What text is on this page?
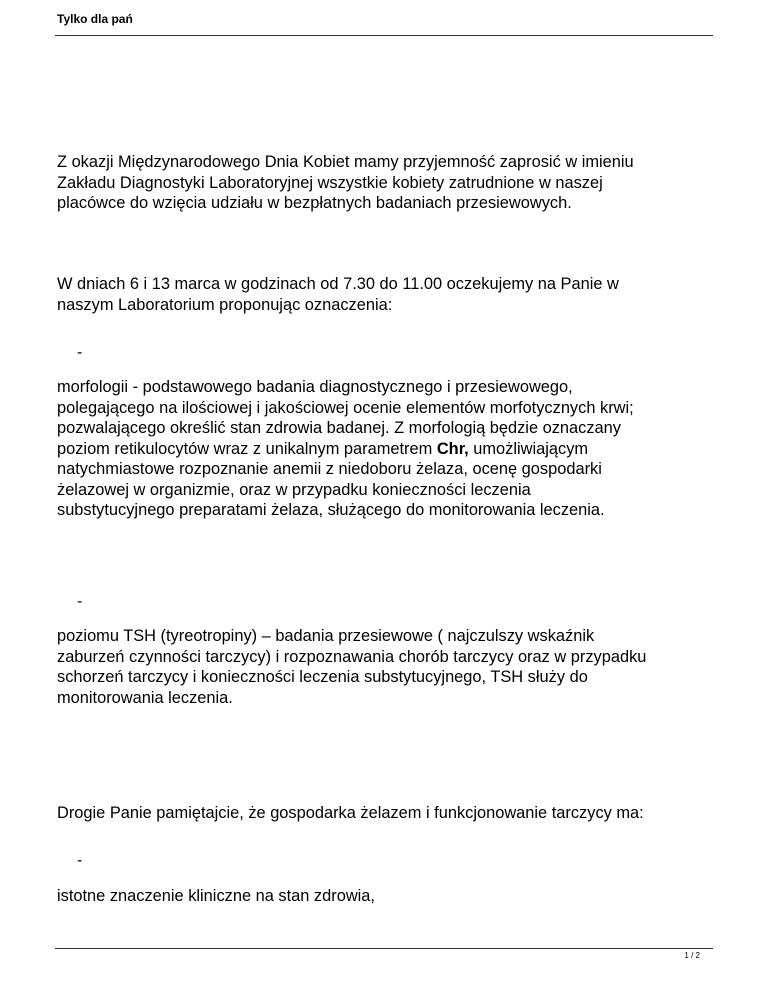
Tylko dla pań

Z okazji Międzynarodowego Dnia Kobiet mamy przyjemność zaprosić w imieniu
Zakładu Diagnostyki Laboratoryjnej wszystkie kobiety zatrudnione w naszej
placówce do wzięcia udziału w bezpłatnych badaniach przesiewowych.

W dniach 6 i 13 marca w godzinach od 7.30 do 11.00 oczekujemy na Panie w
naszym Laboratorium proponując oznaczenia:

-

morfologii - podstawowego badania diagnostycznego i przesiewowego,
polegającego na ilościowej i jakościowej ocenie elementów morfotycznych krwi;
pozwalającego określić stan zdrowia badanej. Z morfologią będzie oznaczany
poziom retikulocytów wraz z unikalnym parametrem Chr, umożliwiającym
natychmiastowe rozpoznanie anemii z niedoboru żelaza, ocenę gospodarki
żelazowej w organizmie, oraz w przypadku konieczności leczenia
substytucyjnego preparatami żelaza, służącego do monitorowania leczenia.

-

poziomu TSH (tyreotropiny) – badania przesiewowe ( najczulszy wskaźnik
zaburzeń czynności tarczycy) i rozpoznawania chorób tarczycy oraz w przypadku
schorzeń tarczycy i konieczności leczenia substytucyjnego, TSH służy do
monitorowania leczenia.

Drogie Panie pamiętajcie, że gospodarka żelazem i funkcjonowanie tarczycy ma:

-

istotne znaczenie kliniczne na stan zdrowia,

1 / 2
